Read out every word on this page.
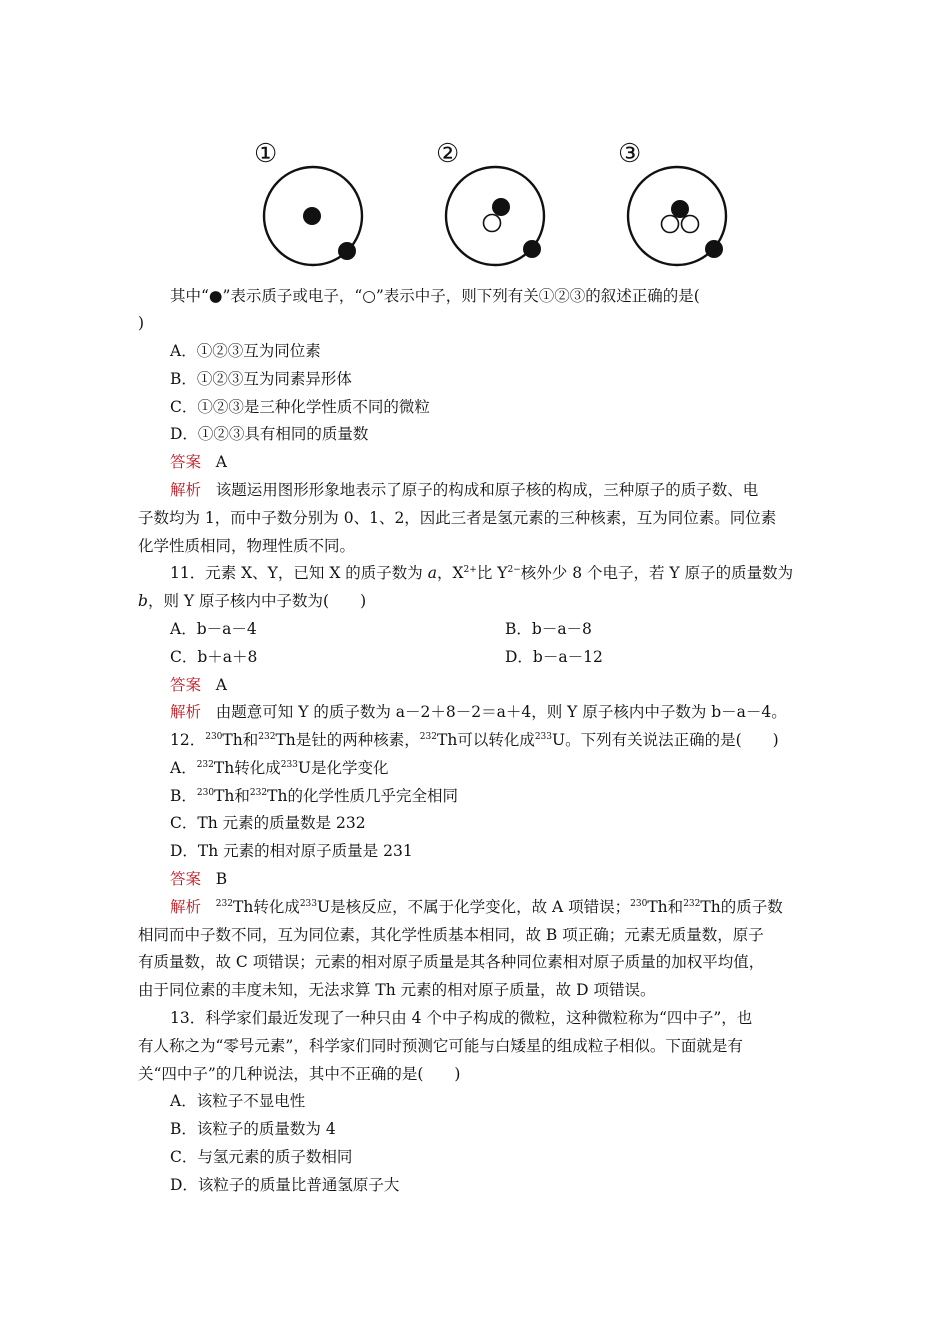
①	②	③
其中“●”表示质子或电子，“○”表示中子，则下列有关①②③的叙述正确的是(
)
A．①②③互为同位素
B．①②③互为同素异形体
C．①②③是三种化学性质不同的微粒
D．①②③具有相同的质量数
答案 A
解析 该题运用图形形象地表示了原子的构成和原子核的构成，三种原子的质子数、电
子数均为 1，而中子数分别为 0、1、2，因此三者是氢元素的三种核素，互为同位素。同位素
化学性质相同，物理性质不同。
11．元素 X、Y，已知 X 的质子数为 a，$X^{2+}$比 $Y^{2-}$核外少 8 个电子，若 Y 原子的质量数为
b，则 Y 原子核内中子数为(　　)
A．b－a－4	B．b－a－8
C．b＋a＋8	D．b－a－12
答案 A
解析 由题意可知 Y 的质子数为 a－2＋8－2＝a＋4，则 Y 原子核内中子数为 b－a－4。
12．$^{230}$Th和$^{232}$Th是钍的两种核素，$^{232}$Th可以转化成$^{233}$U。下列有关说法正确的是(　　)
A．$^{232}$Th转化成$^{233}$U是化学变化
B．$^{230}$Th和$^{232}$Th的化学性质几乎完全相同
C．Th 元素的质量数是 232
D．Th 元素的相对原子质量是 231
答案 B
解析 $^{232}$Th转化成$^{233}$U是核反应，不属于化学变化，故 A 项错误；$^{230}$Th和$^{232}$Th的质子数
相同而中子数不同，互为同位素，其化学性质基本相同，故 B 项正确；元素无质量数，原子
有质量数，故 C 项错误；元素的相对原子质量是其各种同位素相对原子质量的加权平均值，
由于同位素的丰度未知，无法求算 Th 元素的相对原子质量，故 D 项错误。
13．科学家们最近发现了一种只由 4 个中子构成的微粒，这种微粒称为“四中子”，也
有人称之为“零号元素”，科学家们同时预测它可能与白矮星的组成粒子相似。下面就是有
关“四中子”的几种说法，其中不正确的是(　　)
A．该粒子不显电性
B．该粒子的质量数为 4
C．与氢元素的质子数相同
D．该粒子的质量比普通氢原子大
